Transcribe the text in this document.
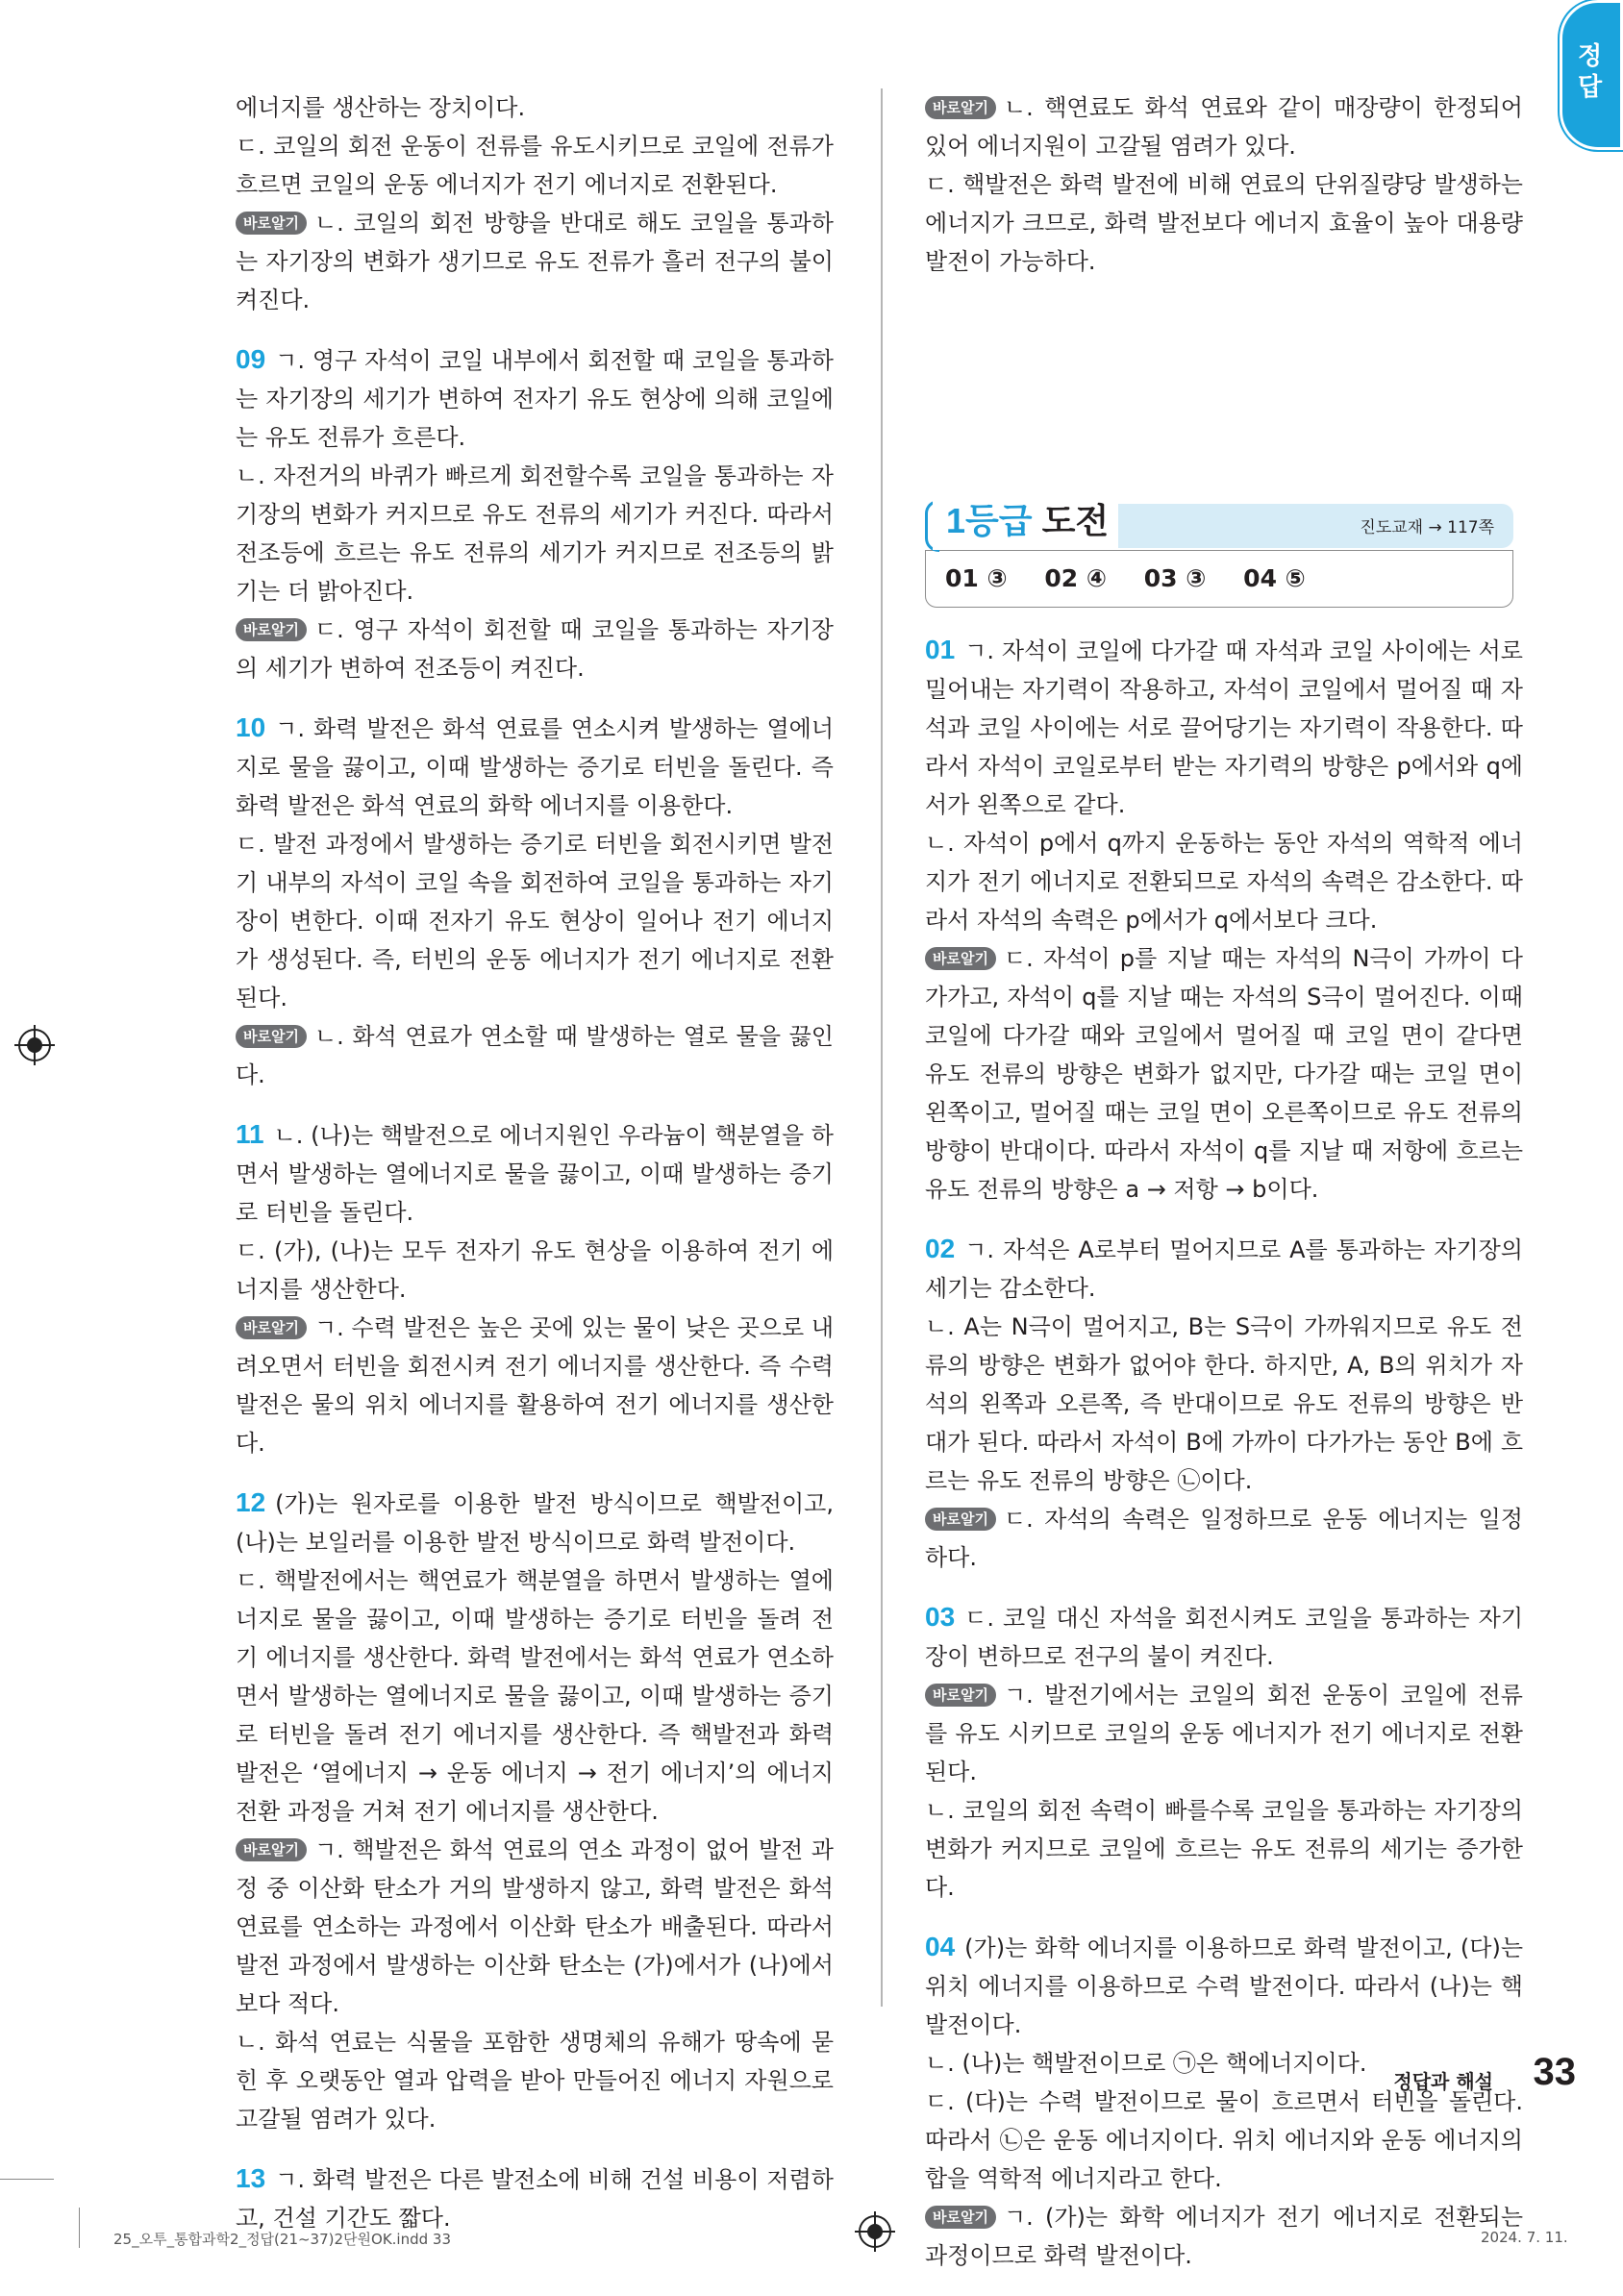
정답

에너지를 생산하는 장치이다.

ㄷ. 코일의 회전 운동이 전류를 유도시키므로 코일에 전류가 흐르면 코일의 운동 에너지가 전기 에너지로 전환된다.

바로알기 ㄴ. 코일의 회전 방향을 반대로 해도 코일을 통과하는 자기장의 변화가 생기므로 유도 전류가 흘러 전구의 불이 켜진다.

09 ㄱ. 영구 자석이 코일 내부에서 회전할 때 코일을 통과하는 자기장의 세기가 변하여 전자기 유도 현상에 의해 코일에는 유도 전류가 흐른다.

ㄴ. 자전거의 바퀴가 빠르게 회전할수록 코일을 통과하는 자기장의 변화가 커지므로 유도 전류의 세기가 커진다. 따라서 전조등에 흐르는 유도 전류의 세기가 커지므로 전조등의 밝기는 더 밝아진다.

바로알기 ㄷ. 영구 자석이 회전할 때 코일을 통과하는 자기장의 세기가 변하여 전조등이 켜진다.

10 ㄱ. 화력 발전은 화석 연료를 연소시켜 발생하는 열에너지로 물을 끓이고, 이때 발생하는 증기로 터빈을 돌린다. 즉 화력 발전은 화석 연료의 화학 에너지를 이용한다.

ㄷ. 발전 과정에서 발생하는 증기로 터빈을 회전시키면 발전기 내부의 자석이 코일 속을 회전하여 코일을 통과하는 자기장이 변한다. 이때 전자기 유도 현상이 일어나 전기 에너지가 생성된다. 즉, 터빈의 운동 에너지가 전기 에너지로 전환된다.

바로알기 ㄴ. 화석 연료가 연소할 때 발생하는 열로 물을 끓인다.

11 ㄴ. (나)는 핵발전으로 에너지원인 우라늄이 핵분열을 하면서 발생하는 열에너지로 물을 끓이고, 이때 발생하는 증기로 터빈을 돌린다.

ㄷ. (가), (나)는 모두 전자기 유도 현상을 이용하여 전기 에너지를 생산한다.

바로알기 ㄱ. 수력 발전은 높은 곳에 있는 물이 낮은 곳으로 내려오면서 터빈을 회전시켜 전기 에너지를 생산한다. 즉 수력 발전은 물의 위치 에너지를 활용하여 전기 에너지를 생산한다.

12 (가)는 원자로를 이용한 발전 방식이므로 핵발전이고, (나)는 보일러를 이용한 발전 방식이므로 화력 발전이다.

ㄷ. 핵발전에서는 핵연료가 핵분열을 하면서 발생하는 열에너지로 물을 끓이고, 이때 발생하는 증기로 터빈을 돌려 전기 에너지를 생산한다. 화력 발전에서는 화석 연료가 연소하면서 발생하는 열에너지로 물을 끓이고, 이때 발생하는 증기로 터빈을 돌려 전기 에너지를 생산한다. 즉 핵발전과 화력 발전은 ‘열에너지 → 운동 에너지 → 전기 에너지’의 에너지 전환 과정을 거쳐 전기 에너지를 생산한다.

바로알기 ㄱ. 핵발전은 화석 연료의 연소 과정이 없어 발전 과정 중 이산화 탄소가 거의 발생하지 않고, 화력 발전은 화석 연료를 연소하는 과정에서 이산화 탄소가 배출된다. 따라서 발전 과정에서 발생하는 이산화 탄소는 (가)에서가 (나)에서보다 적다.

ㄴ. 화석 연료는 식물을 포함한 생명체의 유해가 땅속에 묻힌 후 오랫동안 열과 압력을 받아 만들어진 에너지 자원으로 고갈될 염려가 있다.

13 ㄱ. 화력 발전은 다른 발전소에 비해 건설 비용이 저렴하고, 건설 기간도 짧다.

바로알기 ㄴ. 핵연료도 화석 연료와 같이 매장량이 한정되어 있어 에너지원이 고갈될 염려가 있다.

ㄷ. 핵발전은 화력 발전에 비해 연료의 단위질량당 발생하는 에너지가 크므로, 화력 발전보다 에너지 효율이 높아 대용량 발전이 가능하다.

1등급 도전	진도교재 → 117쪽
01 ③ 02 ④ 03 ③ 04 ⑤

01 ㄱ. 자석이 코일에 다가갈 때 자석과 코일 사이에는 서로 밀어내는 자기력이 작용하고, 자석이 코일에서 멀어질 때 자석과 코일 사이에는 서로 끌어당기는 자기력이 작용한다. 따라서 자석이 코일로부터 받는 자기력의 방향은 p에서와 q에서가 왼쪽으로 같다.

ㄴ. 자석이 p에서 q까지 운동하는 동안 자석의 역학적 에너지가 전기 에너지로 전환되므로 자석의 속력은 감소한다. 따라서 자석의 속력은 p에서가 q에서보다 크다.

바로알기 ㄷ. 자석이 p를 지날 때는 자석의 N극이 가까이 다가가고, 자석이 q를 지날 때는 자석의 S극이 멀어진다. 이때 코일에 다가갈 때와 코일에서 멀어질 때 코일 면이 같다면 유도 전류의 방향은 변화가 없지만, 다가갈 때는 코일 면이 왼쪽이고, 멀어질 때는 코일 면이 오른쪽이므로 유도 전류의 방향이 반대이다. 따라서 자석이 q를 지날 때 저항에 흐르는 유도 전류의 방향은 a → 저항 → b이다.

02 ㄱ. 자석은 A로부터 멀어지므로 A를 통과하는 자기장의 세기는 감소한다.

ㄴ. A는 N극이 멀어지고, B는 S극이 가까워지므로 유도 전류의 방향은 변화가 없어야 한다. 하지만, A, B의 위치가 자석의 왼쪽과 오른쪽, 즉 반대이므로 유도 전류의 방향은 반대가 된다. 따라서 자석이 B에 가까이 다가가는 동안 B에 흐르는 유도 전류의 방향은 ㉡이다.

바로알기 ㄷ. 자석의 속력은 일정하므로 운동 에너지는 일정하다.

03 ㄷ. 코일 대신 자석을 회전시켜도 코일을 통과하는 자기장이 변하므로 전구의 불이 켜진다.

바로알기 ㄱ. 발전기에서는 코일의 회전 운동이 코일에 전류를 유도 시키므로 코일의 운동 에너지가 전기 에너지로 전환된다.

ㄴ. 코일의 회전 속력이 빠를수록 코일을 통과하는 자기장의 변화가 커지므로 코일에 흐르는 유도 전류의 세기는 증가한다.

04 (가)는 화학 에너지를 이용하므로 화력 발전이고, (다)는 위치 에너지를 이용하므로 수력 발전이다. 따라서 (나)는 핵발전이다.

ㄴ. (나)는 핵발전이므로 ㉠은 핵에너지이다.

ㄷ. (다)는 수력 발전이므로 물이 흐르면서 터빈을 돌린다. 따라서 ㉡은 운동 에너지이다. 위치 에너지와 운동 에너지의 합을 역학적 에너지라고 한다.

바로알기 ㄱ. (가)는 화학 에너지가 전기 에너지로 전환되는 과정이므로 화력 발전이다.

정답과 해설 33
25_오투_통합과학2_정답(21~37)2단원OK.indd 33	2024. 7. 11.
